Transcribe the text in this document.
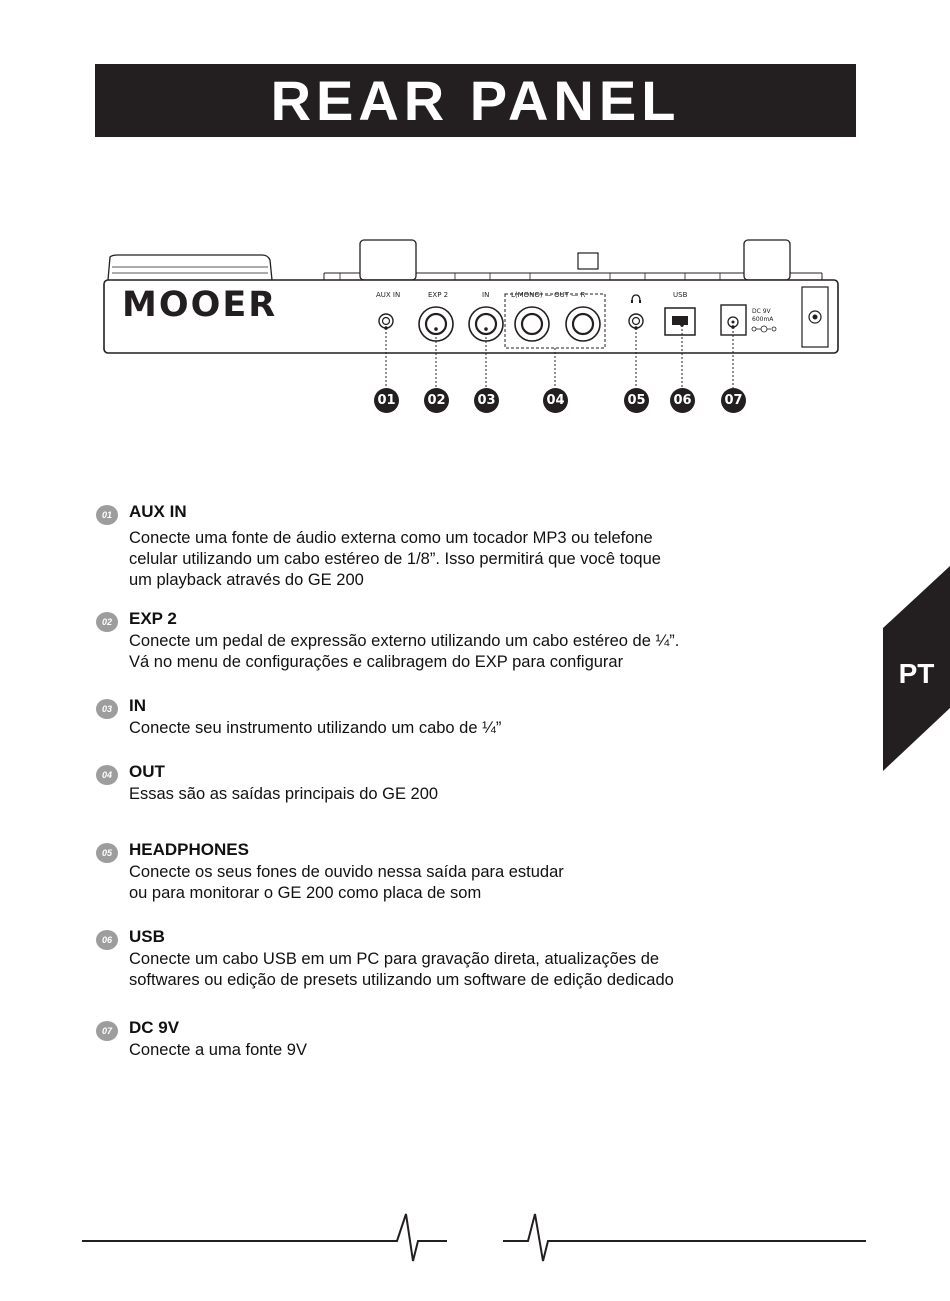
REAR PANEL
MOOER	AUX IN	EXP 2	IN	L(MONO) — OUT — R	USB
DC 9V
600mA
01 02 03	04	05 06	07
01	AUX IN
Conecte uma fonte de áudio externa como um tocador MP3 ou telefone
celular utilizando um cabo estéreo de 1/8”. Isso permitirá que você toque
um playback através do GE 200
02	EXP 2
Conecte um pedal de expressão externo utilizando um cabo estéreo de ¼”.
Vá no menu de configurações e calibragem do EXP para configurar
03	IN
Conecte seu instrumento utilizando um cabo de ¼”
04	OUT
Essas são as saídas principais do GE 200
05	HEADPHONES
Conecte os seus fones de ouvido nessa saída para estudar
ou para monitorar o GE 200 como placa de som
06	USB
Conecte um cabo USB em um PC para gravação direta, atualizações de
softwares ou edição de presets utilizando um software de edição dedicado
07	DC 9V
Conecte a uma fonte 9V
PT
